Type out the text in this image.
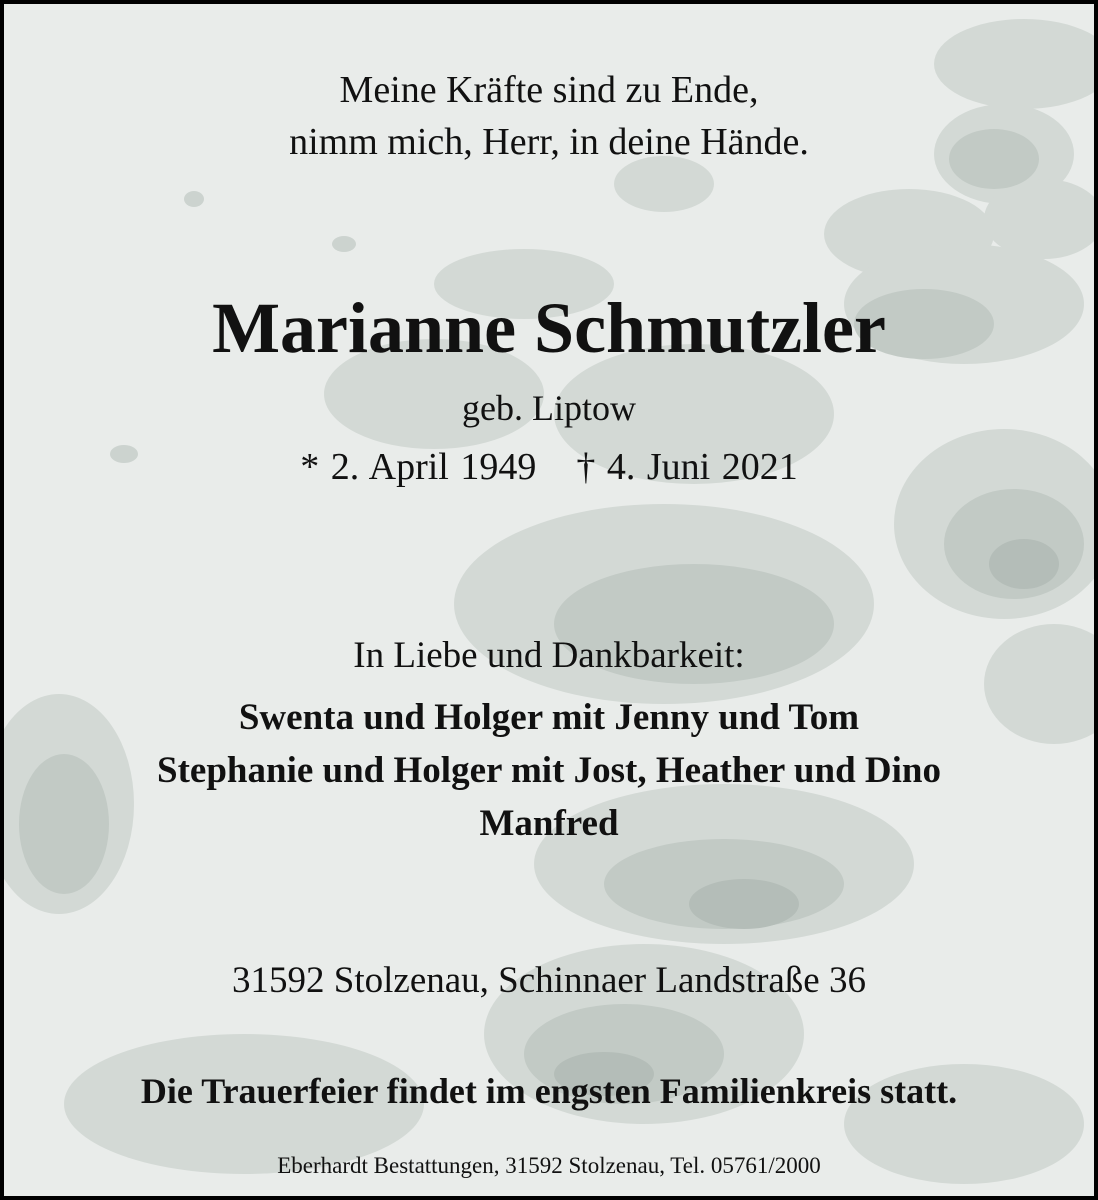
Meine Kräfte sind zu Ende,
nimm mich, Herr, in deine Hände.
Marianne Schmutzler
geb. Liptow
* 2. April 1949 † 4. Juni 2021
In Liebe und Dankbarkeit:
Swenta und Holger mit Jenny und Tom
Stephanie und Holger mit Jost, Heather und Dino
Manfred
31592 Stolzenau, Schinnaer Landstraße 36
Die Trauerfeier findet im engsten Familienkreis statt.
Eberhardt Bestattungen, 31592 Stolzenau, Tel. 05761/2000
